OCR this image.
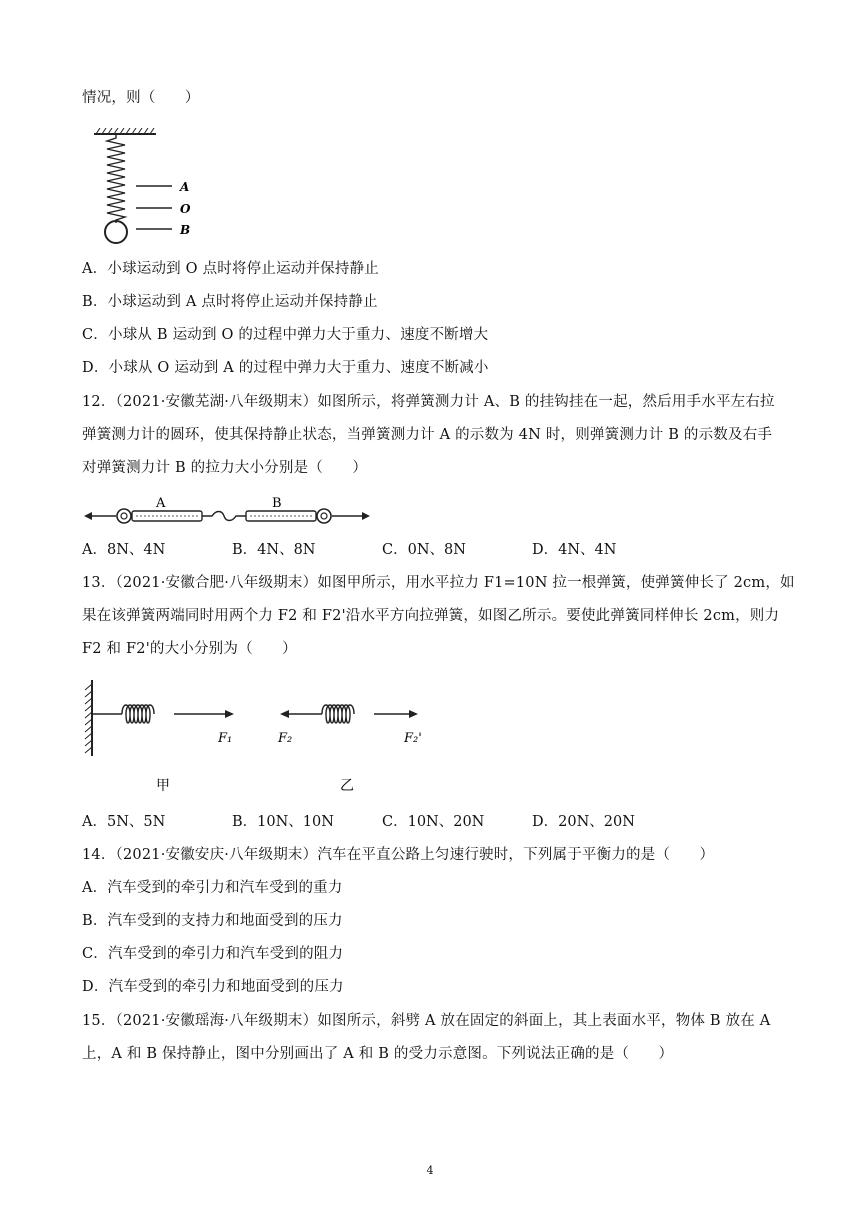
情况，则（　　）
A
O
B
A．小球运动到 O 点时将停止运动并保持静止
B．小球运动到 A 点时将停止运动并保持静止
C．小球从 B 运动到 O 的过程中弹力大于重力、速度不断增大
D．小球从 O 运动到 A 的过程中弹力大于重力、速度不断减小
12．（2021·安徽芜湖·八年级期末）如图所示，将弹簧测力计 A、B 的挂钩挂在一起，然后用手水平左右拉
弹簧测力计的圆环，使其保持静止状态，当弹簧测力计 A 的示数为 4N 时，则弹簧测力计 B 的示数及右手
对弹簧测力计 B 的拉力大小分别是（　　）
A	B
A．8N、4N	B．4N、8N	C．0N、8N	D．4N、4N
13．（2021·安徽合肥·八年级期末）如图甲所示，用水平拉力 F1=10N 拉一根弹簧，使弹簧伸长了 2cm，如
果在该弹簧两端同时用两个力 F2 和 F2'沿水平方向拉弹簧，如图乙所示。要使此弹簧同样伸长 2cm，则力
F2 和 F2'的大小分别为（　　）
F₁
甲
F₂	F₂'
乙
A．5N、5N	B．10N、10N	C．10N、20N	D．20N、20N
14．（2021·安徽安庆·八年级期末）汽车在平直公路上匀速行驶时，下列属于平衡力的是（　　）
A．汽车受到的牵引力和汽车受到的重力
B．汽车受到的支持力和地面受到的压力
C．汽车受到的牵引力和汽车受到的阻力
D．汽车受到的牵引力和地面受到的压力
15．（2021·安徽瑶海·八年级期末）如图所示，斜劈 A 放在固定的斜面上，其上表面水平，物体 B 放在 A
上，A 和 B 保持静止，图中分别画出了 A 和 B 的受力示意图。下列说法正确的是（　　）
4
